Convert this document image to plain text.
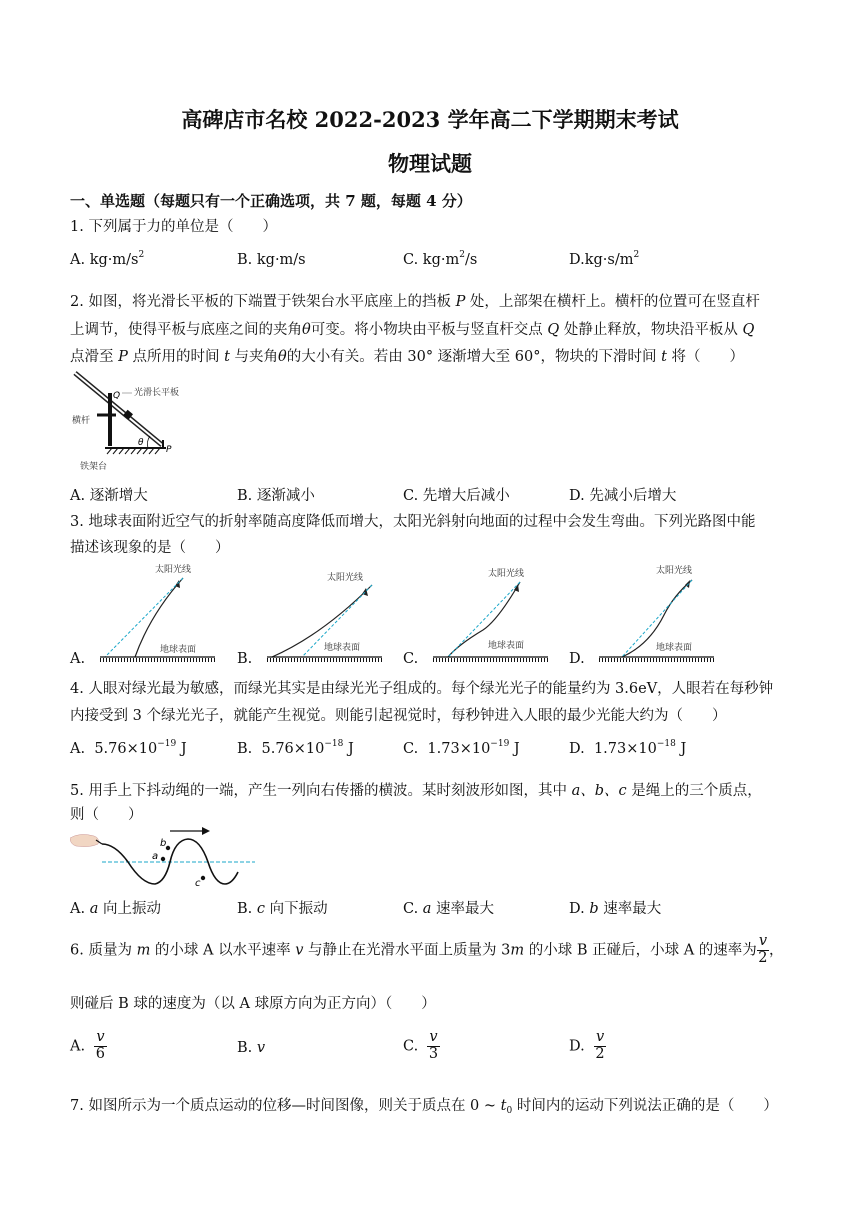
高碑店市名校 2022-2023 学年高二下学期期末考试
物理试题
一、单选题（每题只有一个正确选项，共 7 题，每题 4 分）
1. 下列属于力的单位是（　　）
A. $kg\cdot m/s^2$	B. kg·m/s	C. $kg\cdot m^2/s$	$D.kg\cdot s/m^2$
2. 如图，将光滑长平板的下端置于铁架台水平底座上的挡板 P 处，上部架在横杆上。横杆的位置可在竖直杆
上调节，使得平板与底座之间的夹角θ可变。将小物块由平板与竖直杆交点 Q 处静止释放，物块沿平板从 Q
点滑至 P 点所用的时间 t 与夹角θ的大小有关。若由 30° 逐渐增大至 60°，物块的下滑时间 t 将（　　）
θ
Q
P
光滑长平板
横杆
铁架台
A. 逐渐增大	B. 逐渐减小	C. 先增大后减小	D. 先减小后增大
3. 地球表面附近空气的折射率随高度降低而增大，太阳光斜射向地面的过程中会发生弯曲。下列光路图中能
描述该现象的是（　　）
A.
太阳光线
地球表面
B.
太阳光线
地球表面
C.
太阳光线
地球表面
D.
太阳光线
地球表面
4. 人眼对绿光最为敏感，而绿光其实是由绿光光子组成的。每个绿光光子的能量约为 3.6eV，人眼若在每秒钟
内接受到 3 个绿光光子，就能产生视觉。则能引起视觉时，每秒钟进入人眼的最少光能大约为（　　）
A. $5.76\times 10^{-19}$ J	B. $5.76\times 10^{-18}$ J	C. $1.73\times 10^{-19}$ J	D. $1.73\times 10^{-18}$ J
5. 用手上下抖动绳的一端，产生一列向右传播的横波。某时刻波形如图，其中 a、b、c 是绳上的三个质点，
则（　　）
a
b
c
A. a 向上振动	B. c 向下振动	C. a 速率最大	D. b 速率最大
6. 质量为 m 的小球 A 以水平速率 v 与静止在光滑水平面上质量为 3m 的小球 B 正碰后，小球 A 的速率为 $\frac{v}{2}$ ，
则碰后 B 球的速度为（以 A 球原方向为正方向）（　　）
A. $\frac{v}{6}$	B. v	C. $\frac{v}{3}$	D. $\frac{v}{2}$
7. 如图所示为一个质点运动的位移—时间图像，则关于质点在 0 ~ $t_0$ 时间内的运动下列说法正确的是（　　）
